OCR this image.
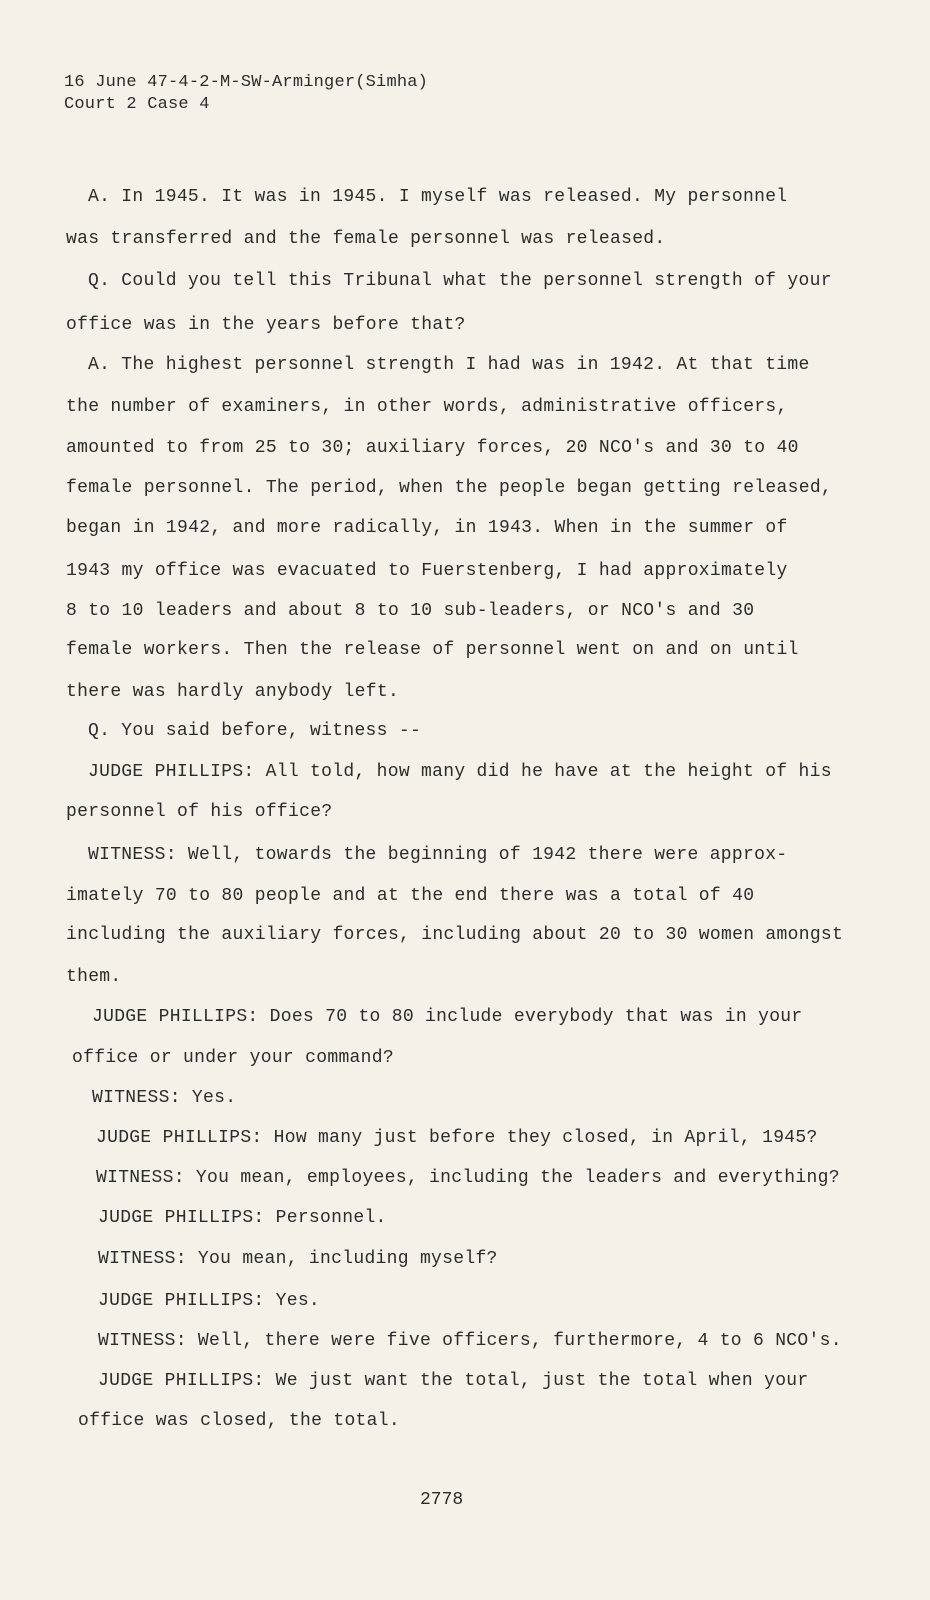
16 June 47-4-2-M-SW-Arminger(Simha)
Court 2 Case 4
A. In 1945. It was in 1945. I myself was released. My personnel
was transferred and the female personnel was released.
Q. Could you tell this Tribunal what the personnel strength of your
office was in the years before that?
A. The highest personnel strength I had was in 1942. At that time
the number of examiners, in other words, administrative officers,
amounted to from 25 to 30; auxiliary forces, 20 NCO's and 30 to 40
female personnel. The period, when the people began getting released,
began in 1942, and more radically, in 1943. When in the summer of
1943 my office was evacuated to Fuerstenberg, I had approximately
8 to 10 leaders and about 8 to 10 sub-leaders, or NCO's and 30
female workers. Then the release of personnel went on and on until
there was hardly anybody left.
Q. You said before, witness --
JUDGE PHILLIPS: All told, how many did he have at the height of his
personnel of his office?
WITNESS: Well, towards the beginning of 1942 there were approx-
imately 70 to 80 people and at the end there was a total of 40
including the auxiliary forces, including about 20 to 30 women amongst
them.
JUDGE PHILLIPS: Does 70 to 80 include everybody that was in your
office or under your command?
WITNESS: Yes.
JUDGE PHILLIPS: How many just before they closed, in April, 1945?
WITNESS: You mean, employees, including the leaders and everything?
JUDGE PHILLIPS: Personnel.
WITNESS: You mean, including myself?
JUDGE PHILLIPS: Yes.
WITNESS: Well, there were five officers, furthermore, 4 to 6 NCO's.
JUDGE PHILLIPS: We just want the total, just the total when your
office was closed, the total.
2778
